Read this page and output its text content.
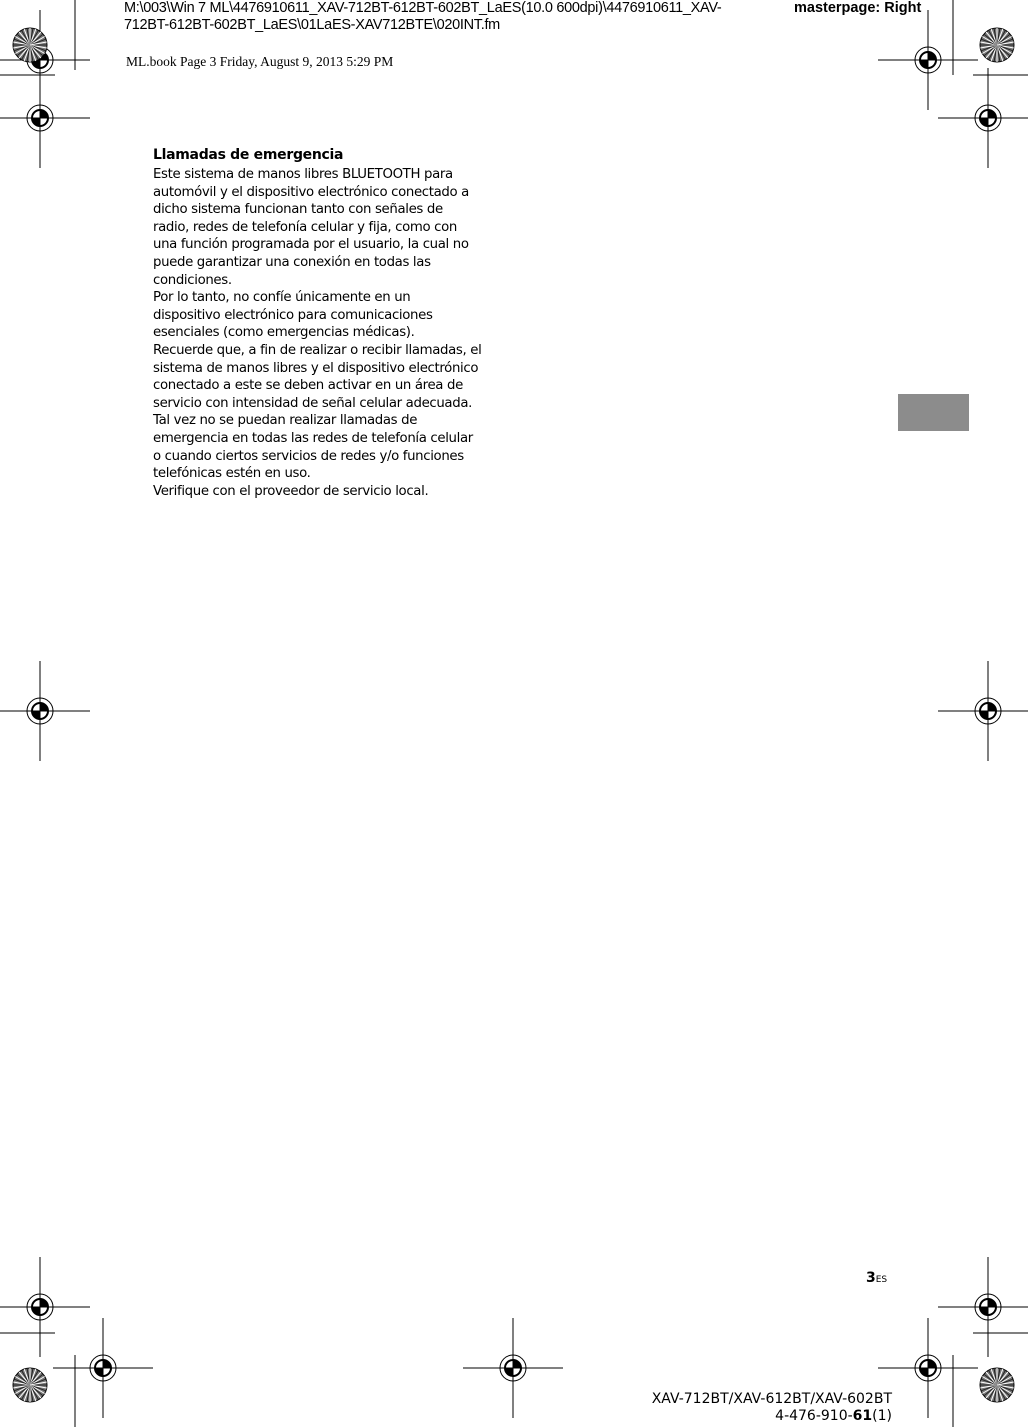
M:\003\Win 7 ML\4476910611_XAV-712BT-612BT-602BT_LaES(10.0 600dpi)\4476910611_XAV-
712BT-612BT-602BT_LaES\01LaES-XAV712BTE\020INT.fm
masterpage: Right
ML.book Page 3 Friday, August 9, 2013 5:29 PM
Llamadas de emergencia
Este sistema de manos libres BLUETOOTH para
automóvil y el dispositivo electrónico conectado a
dicho sistema funcionan tanto con señales de
radio, redes de telefonía celular y fija, como con
una función programada por el usuario, la cual no
puede garantizar una conexión en todas las
condiciones.
Por lo tanto, no confíe únicamente en un
dispositivo electrónico para comunicaciones
esenciales (como emergencias médicas).
Recuerde que, a fin de realizar o recibir llamadas, el
sistema de manos libres y el dispositivo electrónico
conectado a este se deben activar en un área de
servicio con intensidad de señal celular adecuada.
Tal vez no se puedan realizar llamadas de
emergencia en todas las redes de telefonía celular
o cuando ciertos servicios de redes y/o funciones
telefónicas estén en uso.
Verifique con el proveedor de servicio local.
3ES
XAV-712BT/XAV-612BT/XAV-602BT
4-476-910-61(1)
